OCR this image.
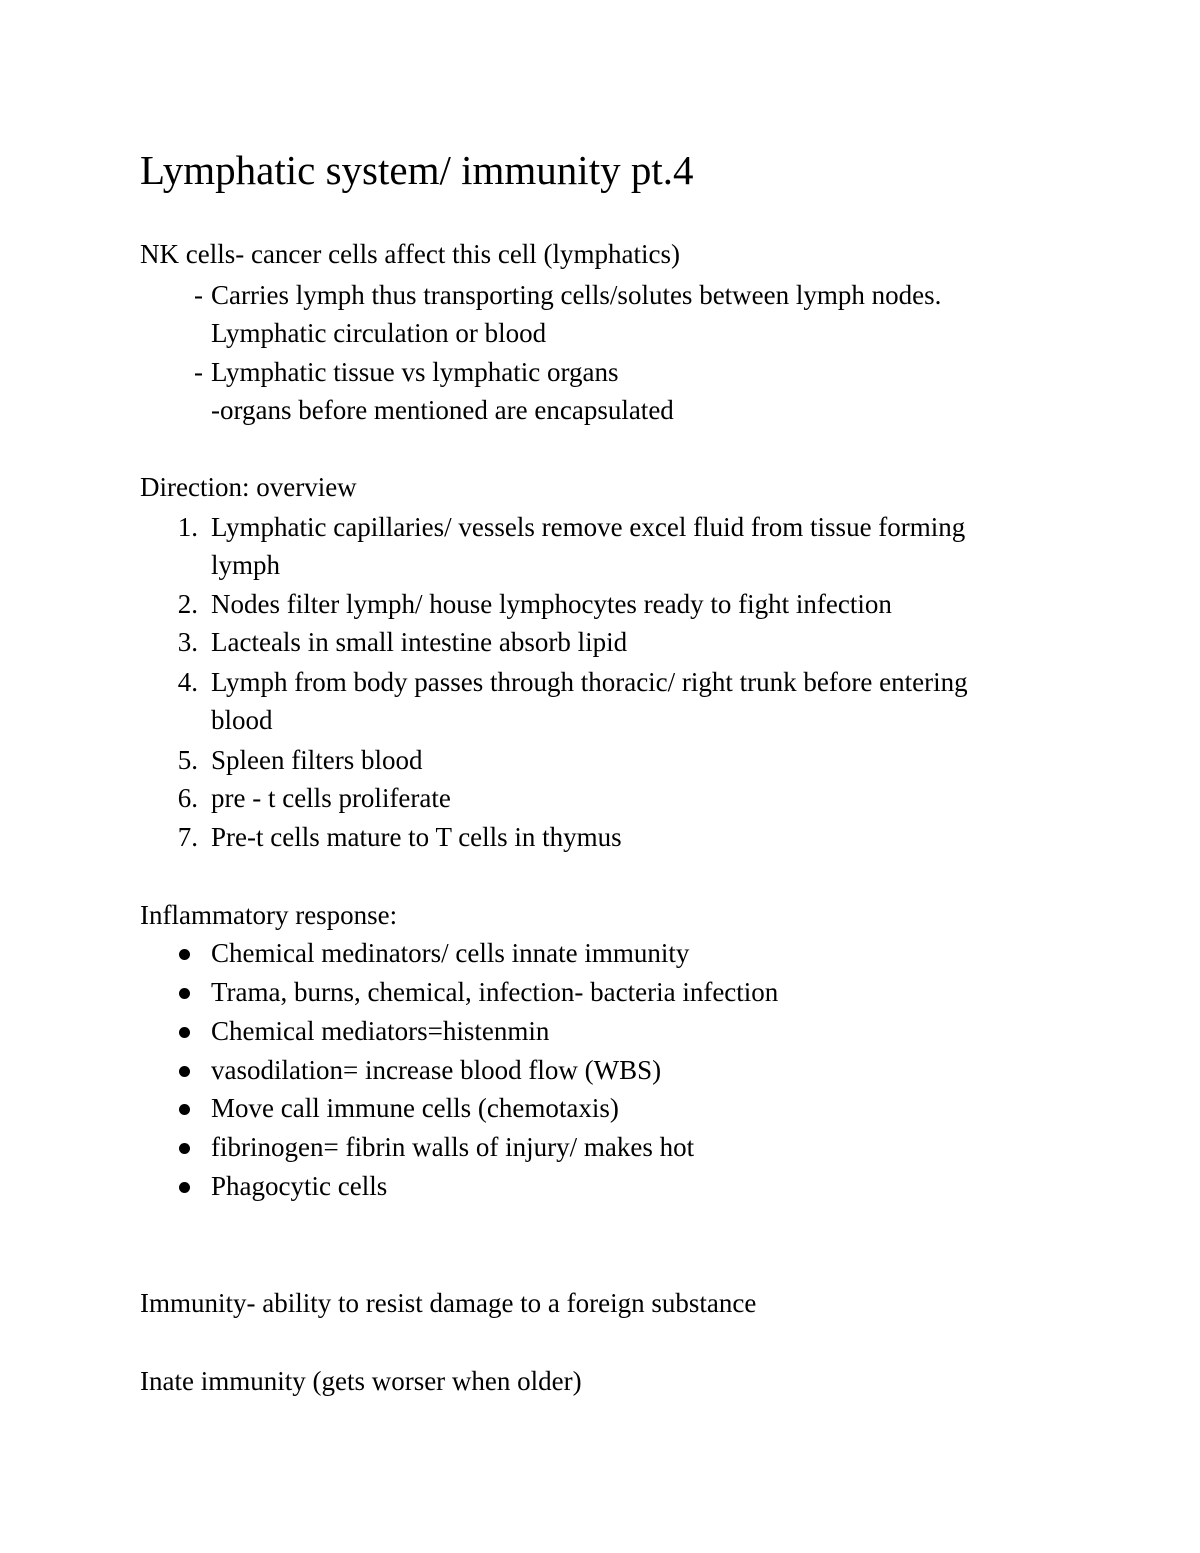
Lymphatic system/ immunity pt.4
NK cells- cancer cells affect this cell (lymphatics)
- Carries lymph thus transporting cells/solutes between lymph nodes.
Lymphatic circulation or blood
- Lymphatic tissue vs lymphatic organs
-organs before mentioned are encapsulated
Direction: overview
1. Lymphatic capillaries/ vessels remove excel fluid from tissue forming
lymph
2. Nodes filter lymph/ house lymphocytes ready to fight infection
3. Lacteals in small intestine absorb lipid
4. Lymph from body passes through thoracic/ right trunk before entering
blood
5. Spleen filters blood
6. pre - t cells proliferate
7. Pre-t cells mature to T cells in thymus
Inflammatory response:
Chemical medinators/ cells innate immunity
Trama, burns, chemical, infection- bacteria infection
Chemical mediators=histenmin
vasodilation= increase blood flow (WBS)
Move call immune cells (chemotaxis)
fibrinogen= fibrin walls of injury/ makes hot
Phagocytic cells
Immunity- ability to resist damage to a foreign substance
Inate immunity (gets worser when older)
